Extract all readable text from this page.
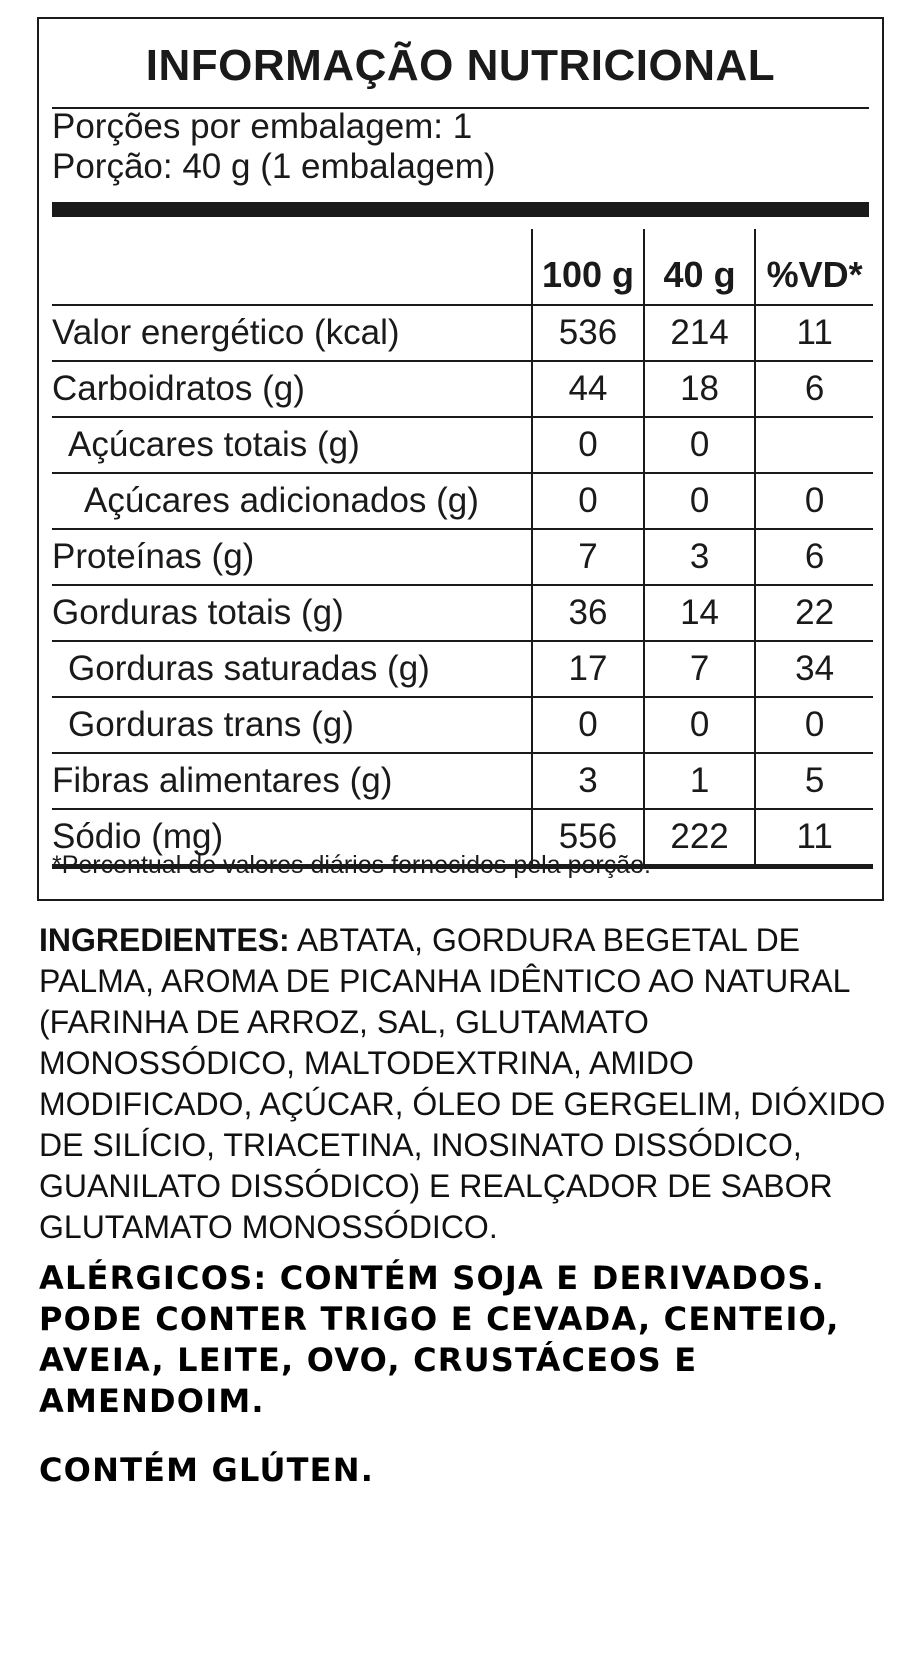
INFORMAÇÃO NUTRICIONAL
Porções por embalagem: 1
Porção: 40 g (1 embalagem)
	100 g	40 g	%VD*
Valor energético (kcal)	536	214	11
Carboidratos (g)	44	18	6
Açúcares totais (g)	0	0	
Açúcares adicionados (g)	0	0	0
Proteínas (g)	7	3	6
Gorduras totais (g)	36	14	22
Gorduras saturadas (g)	17	7	34
Gorduras trans (g)	0	0	0
Fibras alimentares (g)	3	1	5
Sódio (mg)	556	222	11
*Percentual de valores diários fornecidos pela porção.
INGREDIENTES: ABTATA, GORDURA BEGETAL DE PALMA, AROMA DE PICANHA IDÊNTICO AO NATURAL (FARINHA DE ARROZ, SAL, GLUTAMATO MONOSSÓDICO, MALTODEXTRINA, AMIDO MODIFICADO, AÇÚCAR, ÓLEO DE GERGELIM, DIÓXIDO DE SILÍCIO, TRIACETINA, INOSINATO DISSÓDICO, GUANILATO DISSÓDICO) E REALÇADOR DE SABOR GLUTAMATO MONOSSÓDICO.
ALÉRGICOS: CONTÉM SOJA E DERIVADOS. PODE CONTER TRIGO E CEVADA, CENTEIO, AVEIA, LEITE, OVO, CRUSTÁCEOS E AMENDOIM.
CONTÉM GLÚTEN.
